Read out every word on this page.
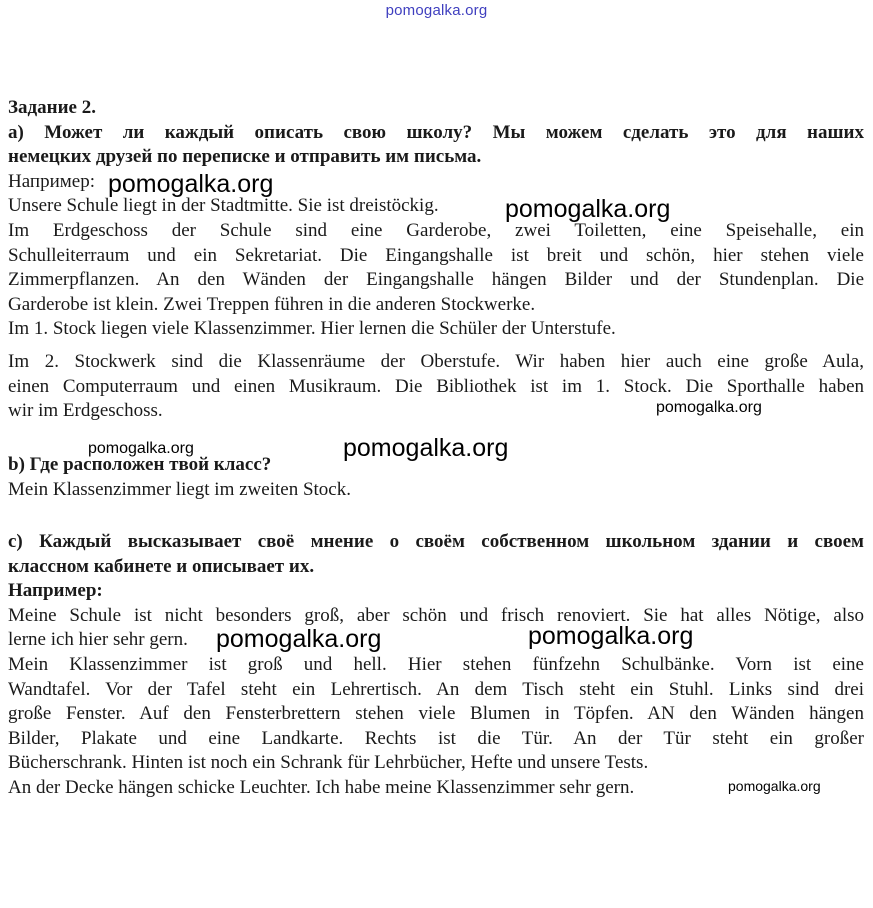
pomogalka.org
Задание 2.
a) Может ли каждый описать свою школу? Мы можем сделать это для наших
немецких друзей по переписке и отправить им письма.
Например:
Unsere Schule liegt in der Stadtmitte. Sie ist dreistöckig.
Im Erdgeschoss der Schule sind eine Garderobe, zwei Toiletten, eine Speisehalle, ein
Schulleiterraum und ein Sekretariat. Die Eingangshalle ist breit und schön, hier stehen viele
Zimmerpflanzen. An den Wänden der Eingangshalle hängen Bilder und der Stundenplan. Die
Garderobe ist klein. Zwei Treppen führen in die anderen Stockwerke.
Im 1. Stock liegen viele Klassenzimmer. Hier lernen die Schüler der Unterstufe.
Im 2. Stockwerk sind die Klassenräume der Oberstufe. Wir haben hier auch eine große Aula,
einen Computerraum und einen Musikraum. Die Bibliothek ist im 1. Stock. Die Sporthalle haben
wir im Erdgeschoss.
b) Где расположен твой класс?
Mein Klassenzimmer liegt im zweiten Stock.
c) Каждый высказывает своё мнение о своём собственном школьном здании и своем
классном кабинете и описывает их.
Например:
Meine Schule ist nicht besonders groß, aber schön und frisch renoviert. Sie hat alles Nötige, also
lerne ich hier sehr gern.
Mein Klassenzimmer ist groß und hell. Hier stehen fünfzehn Schulbänke. Vorn ist eine
Wandtafel. Vor der Tafel steht ein Lehrertisch. An dem Tisch steht ein Stuhl. Links sind drei
große Fenster. Auf den Fensterbrettern stehen viele Blumen in Töpfen. AN den Wänden hängen
Bilder, Plakate und eine Landkarte. Rechts ist die Tür. An der Tür steht ein großer
Bücherschrank. Hinten ist noch ein Schrank für Lehrbücher, Hefte und unsere Tests.
An der Decke hängen schicke Leuchter. Ich habe meine Klassenzimmer sehr gern.
pomogalka.org
pomogalka.org
pomogalka.org
pomogalka.org	pomogalka.org
pomogalka.org	pomogalka.org
pomogalka.org
